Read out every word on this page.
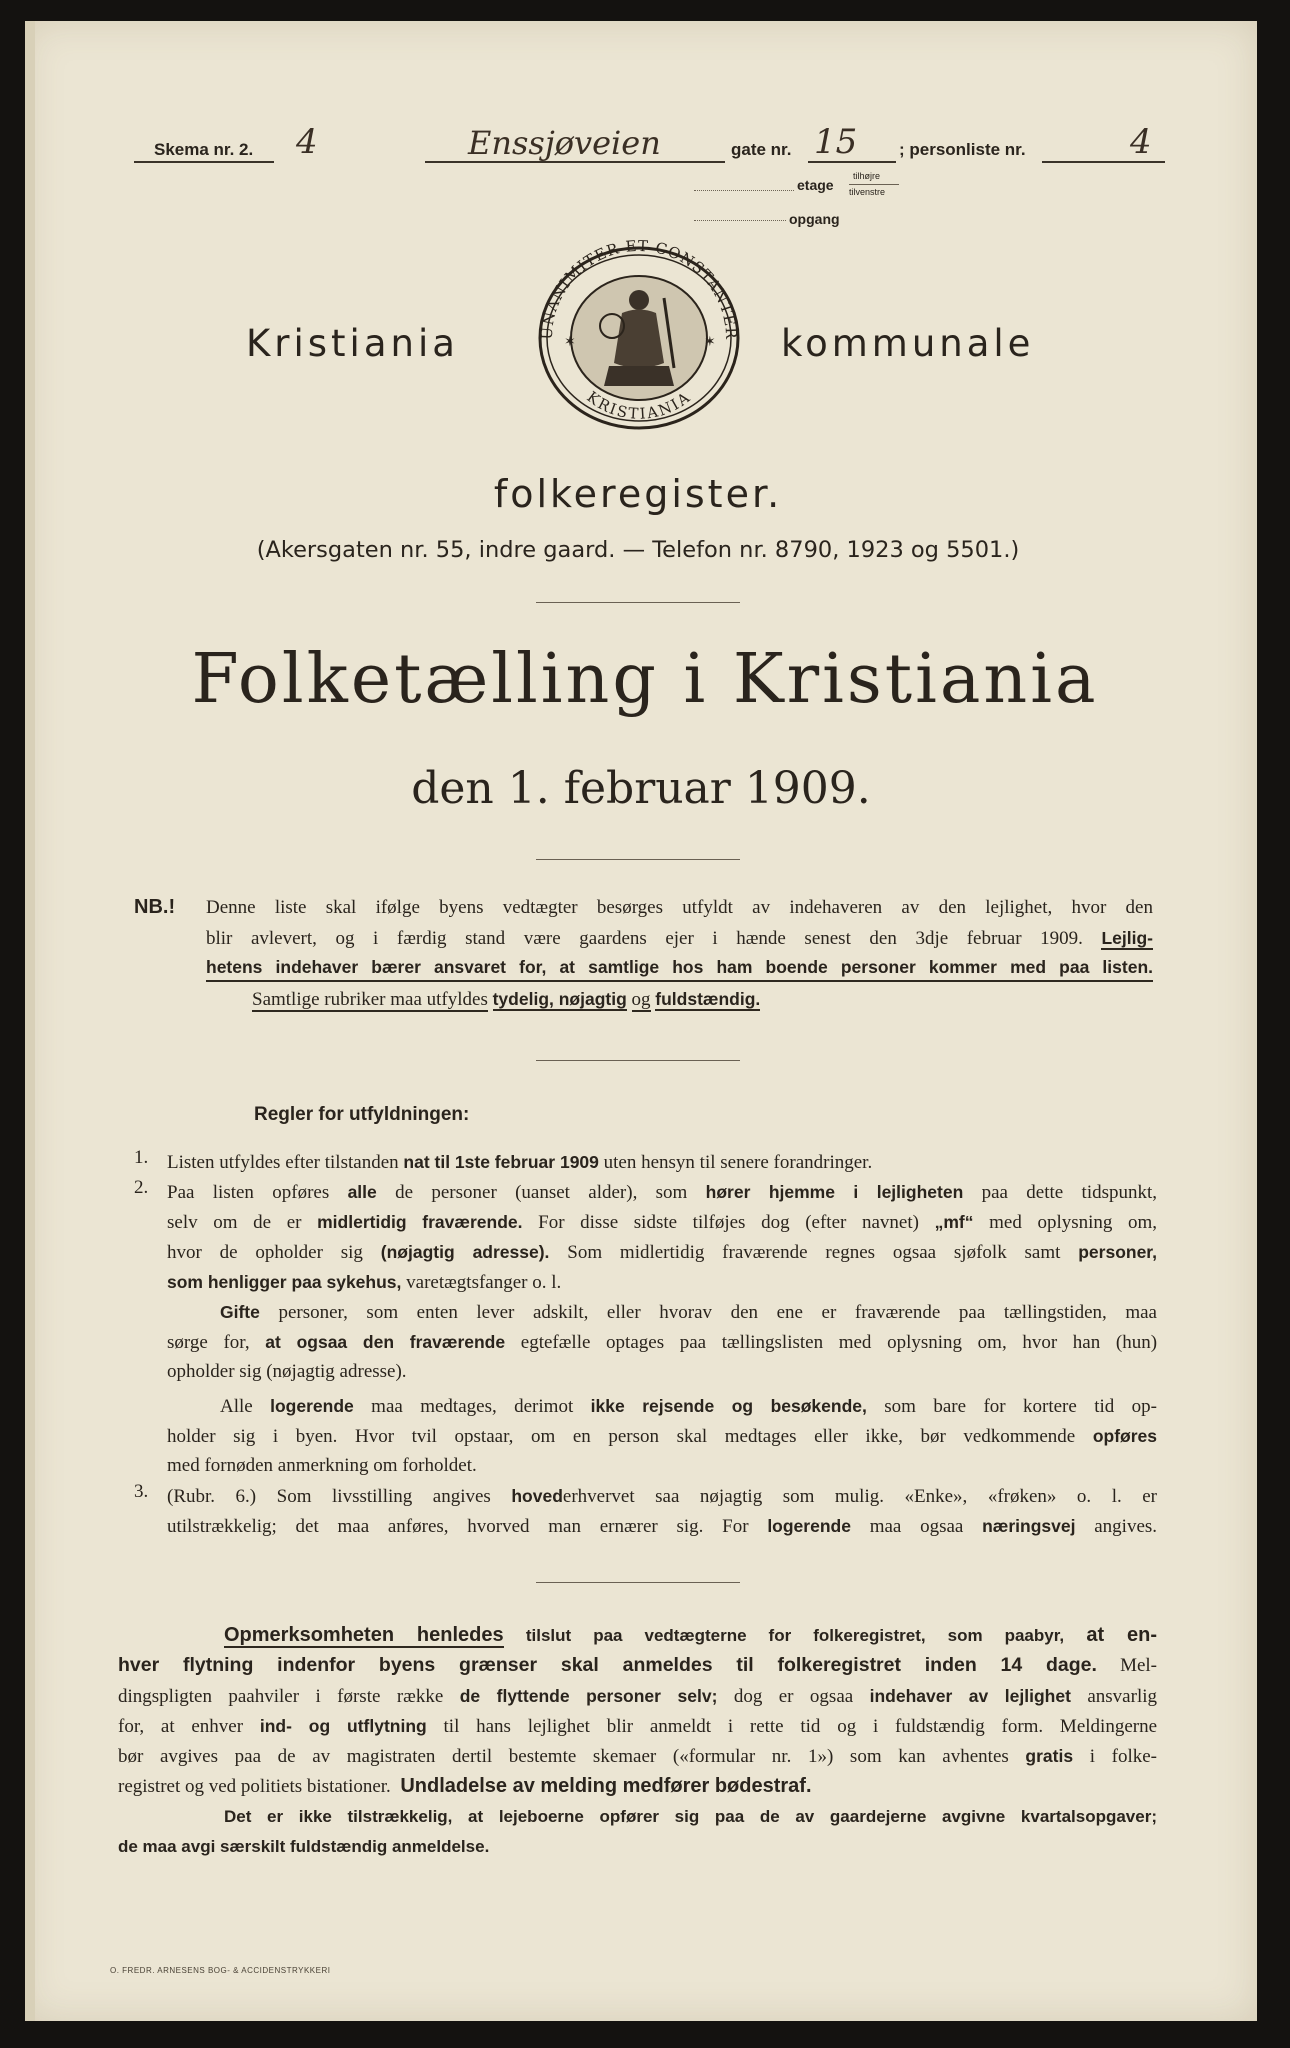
Skema nr. 2. 4	Enssjøveien	gate nr. 15 ; personliste nr.	4
etage
tilhøjre
tilvenstre
opgang
Kristiania	kommunale
UNANIMITER ET CONSTANTER
KRISTIANIA
✶	✶
folkeregister.
(Akersgaten nr. 55, indre gaard. — Telefon nr. 8790, 1923 og 5501.)
Folketælling i Kristiania
den 1. februar 1909.
NB.! Denne liste skal ifølge byens vedtægter besørges utfyldt av indehaveren av den lejlighet, hvor den
blir avlevert, og i færdig stand være gaardens ejer i hænde senest den 3dje februar 1909. Lejlig-
hetens indehaver bærer ansvaret for, at samtlige hos ham boende personer kommer med paa listen.
Samtlige rubriker maa utfyldes tydelig, nøjagtig og fuldstændig.
Regler for utfyldningen:
1. Listen utfyldes efter tilstanden nat til 1ste februar 1909 uten hensyn til senere forandringer.
2. Paa listen opføres alle de personer (uanset alder), som hører hjemme i lejligheten paa dette tidspunkt,
selv om de er midlertidig fraværende. For disse sidste tilføjes dog (efter navnet) „mf“ med oplysning om,
hvor de opholder sig (nøjagtig adresse). Som midlertidig fraværende regnes ogsaa sjøfolk samt personer,
som henligger paa sykehus, varetægtsfanger o. l.
Gifte personer, som enten lever adskilt, eller hvorav den ene er fraværende paa tællingstiden, maa
sørge for, at ogsaa den fraværende egtefælle optages paa tællingslisten med oplysning om, hvor han (hun)
opholder sig (nøjagtig adresse).
Alle logerende maa medtages, derimot ikke rejsende og besøkende, som bare for kortere tid op-
holder sig i byen. Hvor tvil opstaar, om en person skal medtages eller ikke, bør vedkommende opføres
med fornøden anmerkning om forholdet.
3. (Rubr. 6.) Som livsstilling angives hovederhvervet saa nøjagtig som mulig. «Enke», «frøken» o. l. er
utilstrækkelig; det maa anføres, hvorved man ernærer sig. For logerende maa ogsaa næringsvej angives.
Opmerksomheten henledes tilslut paa vedtægterne for folkeregistret, som paabyr, at en-
hver flytning indenfor byens grænser skal anmeldes til folkeregistret inden 14 dage. Mel-
dingspligten paahviler i første række de flyttende personer selv; dog er ogsaa indehaver av lejlighet ansvarlig
for, at enhver ind- og utflytning til hans lejlighet blir anmeldt i rette tid og i fuldstændig form. Meldingerne
bør avgives paa de av magistraten dertil bestemte skemaer («formular nr. 1») som kan avhentes gratis i folke-
registret og ved politiets bistationer. Undladelse av melding medfører bødestraf.
Det er ikke tilstrækkelig, at lejeboerne opfører sig paa de av gaardejerne avgivne kvartalsopgaver;
de maa avgi særskilt fuldstændig anmeldelse.
O. FREDR. ARNESENS BOG- & ACCIDENSTRYKKERI
